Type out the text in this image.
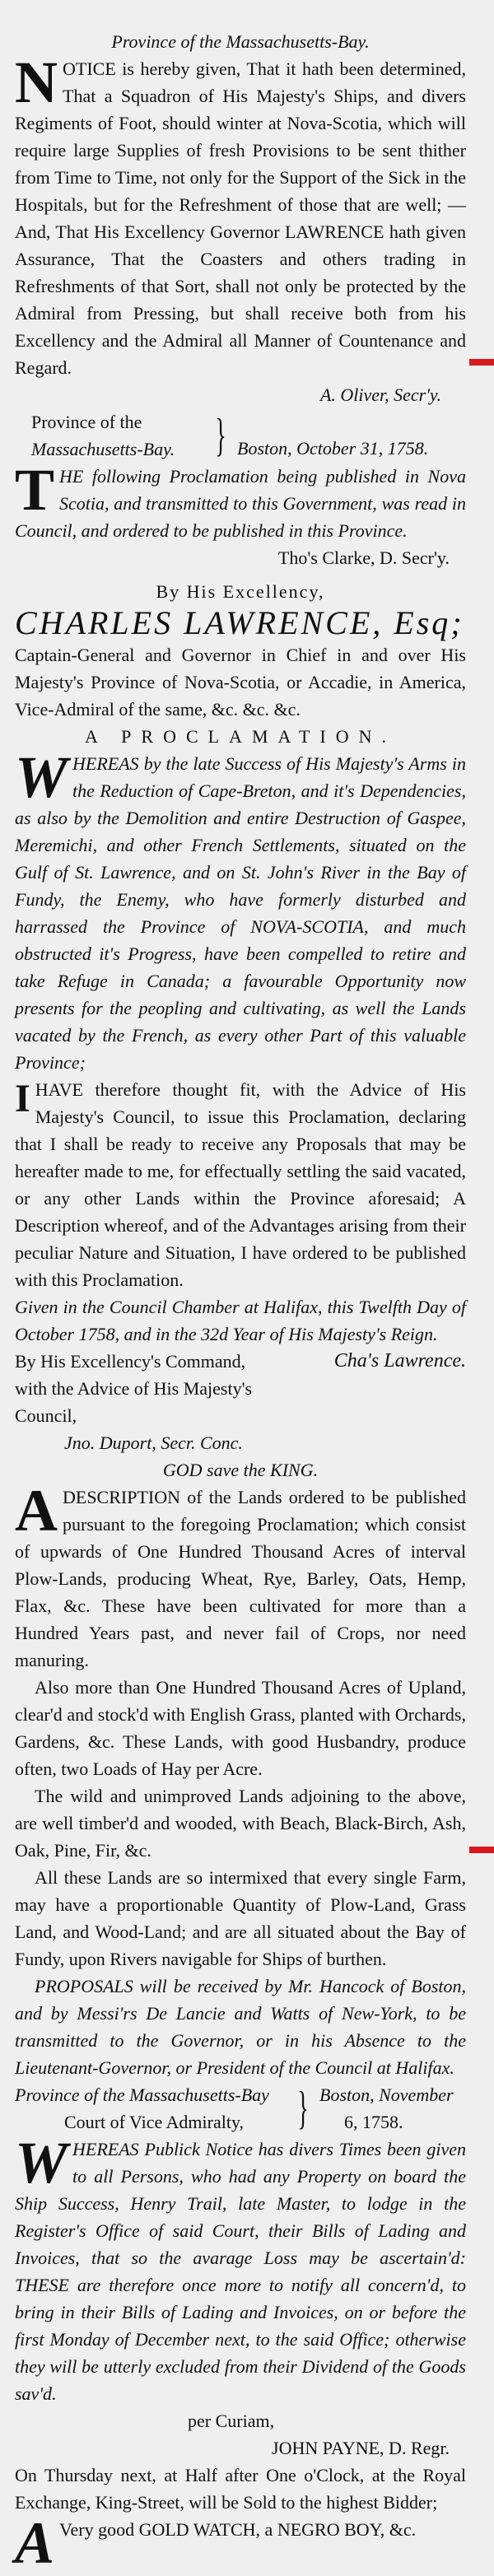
Province of the Massachusetts-Bay.

NOTICE is hereby given, That it hath been determined, That a Squadron of His Majesty's Ships, and divers Regiments of Foot, should winter at Nova-Scotia, which will require large Supplies of fresh Provisions to be sent thither from Time to Time, not only for the Support of the Sick in the Hospitals, but for the Refreshment of those that are well; —And, That His Excellency Governor LAWRENCE hath given Assurance, That the Coasters and others trading in Refreshments of that Sort, shall not only be protected by the Admiral from Pressing, but shall receive both from his Excellency and the Admiral all Manner of Countenance and Regard.

A. Oliver, Secr'y.
Province of the
Massachusetts-Bay. } Boston, October 31, 1758.

THE following Proclamation being published in Nova Scotia, and transmitted to this Government, was read in Council, and ordered to be published in this Province.

Tho's Clarke, D. Secr'y.
By His Excellency,
CHARLES LAWRENCE, Esq;

Captain-General and Governor in Chief in and over His Majesty's Province of Nova-Scotia, or Accadie, in America, Vice-Admiral of the same, &c. &c. &c.

A PROCLAMATION.

WHEREAS by the late Success of His Majesty's Arms in the Reduction of Cape-Breton, and it's Dependencies, as also by the Demolition and entire Destruction of Gaspee, Meremichi, and other French Settlements, situated on the Gulf of St. Lawrence, and on St. John's River in the Bay of Fundy, the Enemy, who have formerly disturbed and harrassed the Province of NOVA-SCOTIA, and much obstructed it's Progress, have been compelled to retire and take Refuge in Canada; a favourable Opportunity now presents for the peopling and cultivating, as well the Lands vacated by the French, as every other Part of this valuable Province;

IHAVE therefore thought fit, with the Advice of His Majesty's Council, to issue this Proclamation, declaring that I shall be ready to receive any Proposals that may be hereafter made to me, for effectually settling the said vacated, or any other Lands within the Province aforesaid; A Description whereof, and of the Advantages arising from their peculiar Nature and Situation, I have ordered to be published with this Proclamation.

Given in the Council Chamber at Halifax, this Twelfth Day of October 1758, and in the 32d Year of His Majesty's Reign.

By His Excellency's Command, with the Advice of His Majesty's Council,
Cha's Lawrence.
Jno. Duport, Secr. Conc.
GOD save the KING.

ADESCRIPTION of the Lands ordered to be published pursuant to the foregoing Proclamation; which consist of upwards of One Hundred Thousand Acres of interval Plow-Lands, producing Wheat, Rye, Barley, Oats, Hemp, Flax, &c. These have been cultivated for more than a Hundred Years past, and never fail of Crops, nor need manuring.

Also more than One Hundred Thousand Acres of Upland, clear'd and stock'd with English Grass, planted with Orchards, Gardens, &c. These Lands, with good Husbandry, produce often, two Loads of Hay per Acre.

The wild and unimproved Lands adjoining to the above, are well timber'd and wooded, with Beach, Black-Birch, Ash, Oak, Pine, Fir, &c.

All these Lands are so intermixed that every single Farm, may have a proportionable Quantity of Plow-Land, Grass Land, and Wood-Land; and are all situated about the Bay of Fundy, upon Rivers navigable for Ships of burthen.

PROPOSALS will be received by Mr. Hancock of Boston, and by Messi'rs De Lancie and Watts of New-York, to be transmitted to the Governor, or in his Absence to the Lieutenant-Governor, or President of the Council at Halifax.

Province of the Massachusetts-Bay
Court of Vice Admiralty,	} Boston, November
6, 1758.

WHEREAS Publick Notice has divers Times been given to all Persons, who had any Property on board the Ship Success, Henry Trail, late Master, to lodge in the Register's Office of said Court, their Bills of Lading and Invoices, that so the avarage Loss may be ascertain'd: THESE are therefore once more to notify all concern'd, to bring in their Bills of Lading and Invoices, on or before the first Monday of December next, to the said Office; otherwise they will be utterly excluded from their Dividend of the Goods sav'd.

per Curiam,
JOHN PAYNE, D. Regr.

On Thursday next, at Half after One o'Clock, at the Royal Exchange, King-Street, will be Sold to the highest Bidder;

A Very good GOLD WATCH, a NEGRO BOY, &c.
